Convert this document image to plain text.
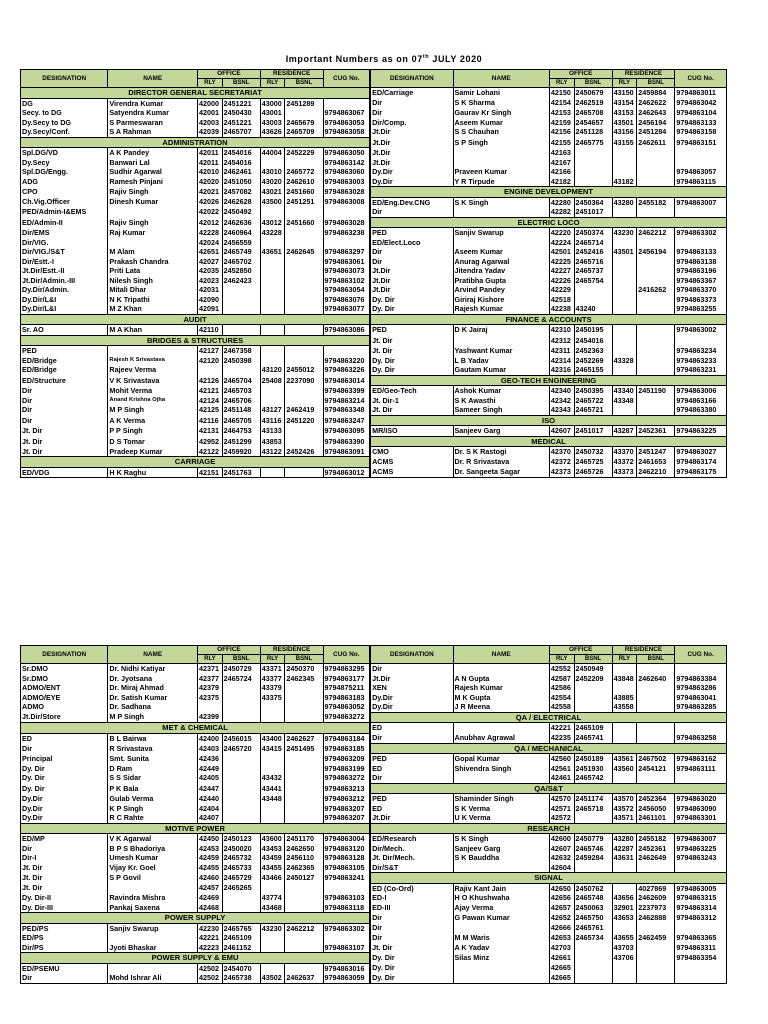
Important Numbers as on 07th JULY 2020
DESIGNATION	NAME	OFFICE		RESIDENCE		CUG No.	DESIGNATION	NAME	OFFICE		RESIDENCE		CUG No.
		RLY	BSNL	RLY	BSNL				RLY	BSNL	RLY	BSNL	
DIRECTOR GENERAL SECRETARIAT							ED/Carriage	Samir Lohani	42150	2450679	43150	2459884	9794863011
DG	Virendra Kumar	42000	2451221	43000	2451289		Dir	S K Sharma	42154	2462519	43154	2462622	9794863042
Secy. to DG	Satyendra Kumar	42001	2450430	43001		9794863067	Dir	Gaurav Kr Singh	42153	2465708	43153	2462643	9794863104
Dy.Secy to DG	S Parmeswaran	42003	2451221	43003	2465679	9794863053	Dir/Comp.	Aseem Kumar	42159	2454657	43501	2456194	9794863133
Dy.Secy/Conf.	S A Rahman	42039	2465707	43626	2465709	9794863058	Jt.Dir	S S Chauhan	42156	2451128	43156	2451284	9794863158
ADMINISTRATION							Jt.Dir	S P Singh	42155	2465775	43155	2462611	9794863151
Spl.DG/VD	A K Pandey	42011	2454016	44004	2452229	9794863050	Jt.Dir		42163				
Dy.Secy	Banwari Lal	42011	2454016			9794863142	Jt.Dir		42167				
Spl.DG/Engg.	Sudhir Agarwal	42010	2462461	43010	2465772	9794863060	Dy.Dir	Praveen Kumar	42166				9794863057
ADG	Ramesh Pinjani	42020	2451050	43020	2462610	9794863003	Dy.Dir	Y R Tirpude	42182		43182		9794863115
CPO	Rajiv Singh	42021	2457082	43021	2451660	9794863028	ENGINE DEVELOPMENT						
Ch.Vig.Officer	Dinesh Kumar	42026	2462628	43500	2451251	9794863008	ED/Eng.Dev.CNG	S K Singh	42280	2450364	43280	2455182	9794863007
PED/Admin-I&EMS		42022	2450492				Dir		42282	2451017			
ED/Admin-II	Rajiv Singh	42012	2462636	43012	2451660	9794863028	ELECTRIC LOCO						
Dir/EMS	Raj Kumar	42228	2460964	43228		9794863238	PED	Sanjiv Swarup	42220	2450374	43230	2462212	9794863302
Dir/VIG.		42024	2456559				ED/Elect.Loco		42224	2465714			
Dir/VIG./S&T	M Alam	42651	2465749	43651	2462645	9794863297	Dir	Aseem Kumar	42501	2452416	43501	2456194	9794863133
Dir/Estt.-I	Prakash Chandra	42027	2465702			9794863061	Dir	Anurag Agarwal	42225	2465716			9794863138
Jt.Dir/Estt.-II	Priti Lata	42035	2452850			9794863073	Jt.Dir	Jitendra Yadav	42227	2465737			9794863196
Jt.Dir/Admin.-III	Nilesh Singh	42023	2462423			9794863102	Jt.Dir	Pratibha Gupta	42226	2465754			9794863367
Dy.Dir/Admin.	Mitali Dhar	42031				9794863054	Jt.Dir	Arvind Pandey	42229			2416262	9794863370
Dy.Dir/L&I	N K Tripathi	42090				9794863076	Dy. Dir	Giriraj Kishore	42518				9794863373
Dy.Dir/L&I	M Z Khan	42091				9794863077	Dy. Dir	Rajesh Kumar	42238	43240			9794863255
AUDIT							FINANCE & ACCOUNTS						
Sr. AO	M A Khan	42110				9794863086	PED	D K Jairaj	42310	2450195			9794863002
BRIDGES & STRUCTURES							Jt. Dir		42312	2454016			
PED		42127	2467358				Jt. Dir	Yashwant Kumar	42311	2452363			9794863234
ED/Bridge	Rajesh K Srivastava	42120	2450398			9794863220	Dy. Dir	L B Yadav	42314	2452269	43328		9794863233
ED/Bridge	Rajeev Verma			43120	2455012	9794863226	Dy. Dir	Gautam Kumar	42316	2465155			9794863231
ED/Structure	V K Srivastava	42126	2465704	25408	2237090	9794863014	GEO-TECH ENGINEERING						
Dir	Mohit Verma	42121	2465703			9794863399	ED/Geo-Tech	Ashok Kumar	42340	2450395	43340	2451190	9794863006
Dir	Anand Krishna Ojha	42124	2465706			9794863214	Jt. Dir-1	S K Awasthi	42342	2465722	43348		9794863166
Dir	M P Singh	42125	2451148	43127	2462419	9794863348	Jt. Dir	Sameer Singh	42343	2465721			9794863380
Dir	A K Verma	42116	2465705	43116	2451220	9794863247	ISO						
Jt. Dir	P P Singh	42131	2464753	43133		9794863095	MR/ISO	Sanjeev Garg	42607	2451017	43287	2452361	9794863225
Jt. Dir	D S Tomar	42952	2451299	43853		9794863390	MEDICAL						
Jt. Dir	Pradeep Kumar	42122	2459920	43122	2452426	9794863091	CMO	Dr. S K Rastogi	42370	2450732	43370	2451247	9794863027
CARRIAGE							ACMS	Dr. R Srivastava	42372	2465725	43372	2461653	9794863174
ED/VDG	H K Raghu	42151	2451763			9794863012	ACMS	Dr. Sangeeta Sagar	42373	2465726	43373	2462210	9794863175
DESIGNATION	NAME	OFFICE		RESIDENCE		CUG No.	DESIGNATION	NAME	OFFICE		RESIDENCE		CUG No.
		RLY	BSNL	RLY	BSNL				RLY	BSNL	RLY	BSNL	
Sr.DMO	Dr. Nidhi Katiyar	42371	2450729	43371	2450370	9794863295	Dir		42552	2450949			
Sr.DMO	Dr. Jyotsana	42377	2465724	43377	2462345	9794863177	Jt.Dir	A N Gupta	42587	2452209	43848	2462640	9794863384
ADMO/ENT	Dr. Miraj Ahmad	42379		43379		9794875211	XEN	Rajesh Kumar	42586				9794863286
ADMO/EYE	Dr. Satish Kumar	42375		43375		9794863183	Dy.Dir	M K Gupta	42554		43885		9794863041
ADMO	Dr. Sadhana					9794863052	Dy.Dir	J R Meena	42558		43558		9794863285
Jt.Dir/Store	M P Singh	42399				9794863272	QA / ELECTRICAL						
MET & CHEMICAL							ED		42221	2465109			
ED	B L Bairwa	42400	2456015	43400	2462627	9794863184	Dir	Anubhav Agrawal	42235	2465741			9794863258
Dir	R Srivastava	42403	2465720	43415	2451495	9794863185	QA / MECHANICAL						
Principal	Smt. Sunita	42436				9794863209	PED	Gopal Kumar	42560	2450189	43561	2467502	9794863162
Dy. Dir	D Ram	42449				9794863199	ED	Shivendra Singh	42561	2451930	43560	2454121	9794863111
Dy. Dir	S S Sidar	42405		43432		9794863272	Dir		42461	2465742			
Dy. Dir	P K Bala	42447		43441		9794863213	QA/S&T						
Dy.Dir	Gulab Verma	42440		43448		9794863212	PED	Shaminder Singh	42570	2451174	43570	2452364	9794863020
Dy.Dir	K P Singh	42404				9794863207	ED	S K Verma	42571	2465718	43572	2456050	9794863090
Dy.Dir	R C Rahte	42407				9794863207	Jt.Dir	U K Verma	42572		43571	2461101	9794863301
MOTIVE POWER							RESEARCH						
ED/MP	V K Agarwal	42450	2450123	43600	2451170	9794863004	ED/Research	S K Singh	42600	2450779	43280	2455182	9794863007
Dir	B P S Bhadoriya	42453	2450020	43453	2462650	9794863120	Dir/Mech.	Sanjeev Garg	42607	2465746	42287	2452361	9794863225
Dir-I	Umesh Kumar	42459	2465732	43459	2456110	9794863128	Jt. Dir/Mech.	S K Bauddha	42632	2459284	43631	2462649	9794863243
Jt. Dir	Vijay Kr. Goel	42455	2465733	43455	2462365	9794863105	Dir/S&T		42604				
Jt. Dir	S P Govil	42460	2465729	43466	2450127	9794863241	SIGNAL						
Jt. Dir		42457	2465265				ED (Co-Ord)	Rajiv Kant Jain	42650	2450762		4027869	9794863005
Dy. Dir-II	Ravindra Mishra	42469		43774		9794863103	ED-I	H O Khushwaha	42656	2465748	43656	2462609	9794863315
Dy. Dir-III	Pankaj Saxena	42468		43468		9794863118	ED-III	Ajay Verma	42657	2450063	32901	2237973	9794863314
POWER SUPPLY							Dir	G Pawan Kumar	42652	2465750	43653	2462888	9794863312
PED/PS	Sanjiv Swarup	42230	2465765	43230	2462212	9794863302	Dir		42666	2465761			
ED/PS		42221	2465109				Dir	M M Waris	42653	2465734	43655	2462459	9794863365
Dir/PS	Jyoti Bhaskar	42223	2461152			9794863107	Jt. Dir	A K Yadav	42703		43703		9794863311
POWER SUPPLY & EMU							Dy. Dir	Silas Minz	42661		43706		9794863354
ED/PSEMU		42502	2454070			9794863016	Dy. Dir		42665				
Dir	Mohd Ishrar Ali	42502	2465738	43502	2462637	9794863059	Dy. Dir		42665				
